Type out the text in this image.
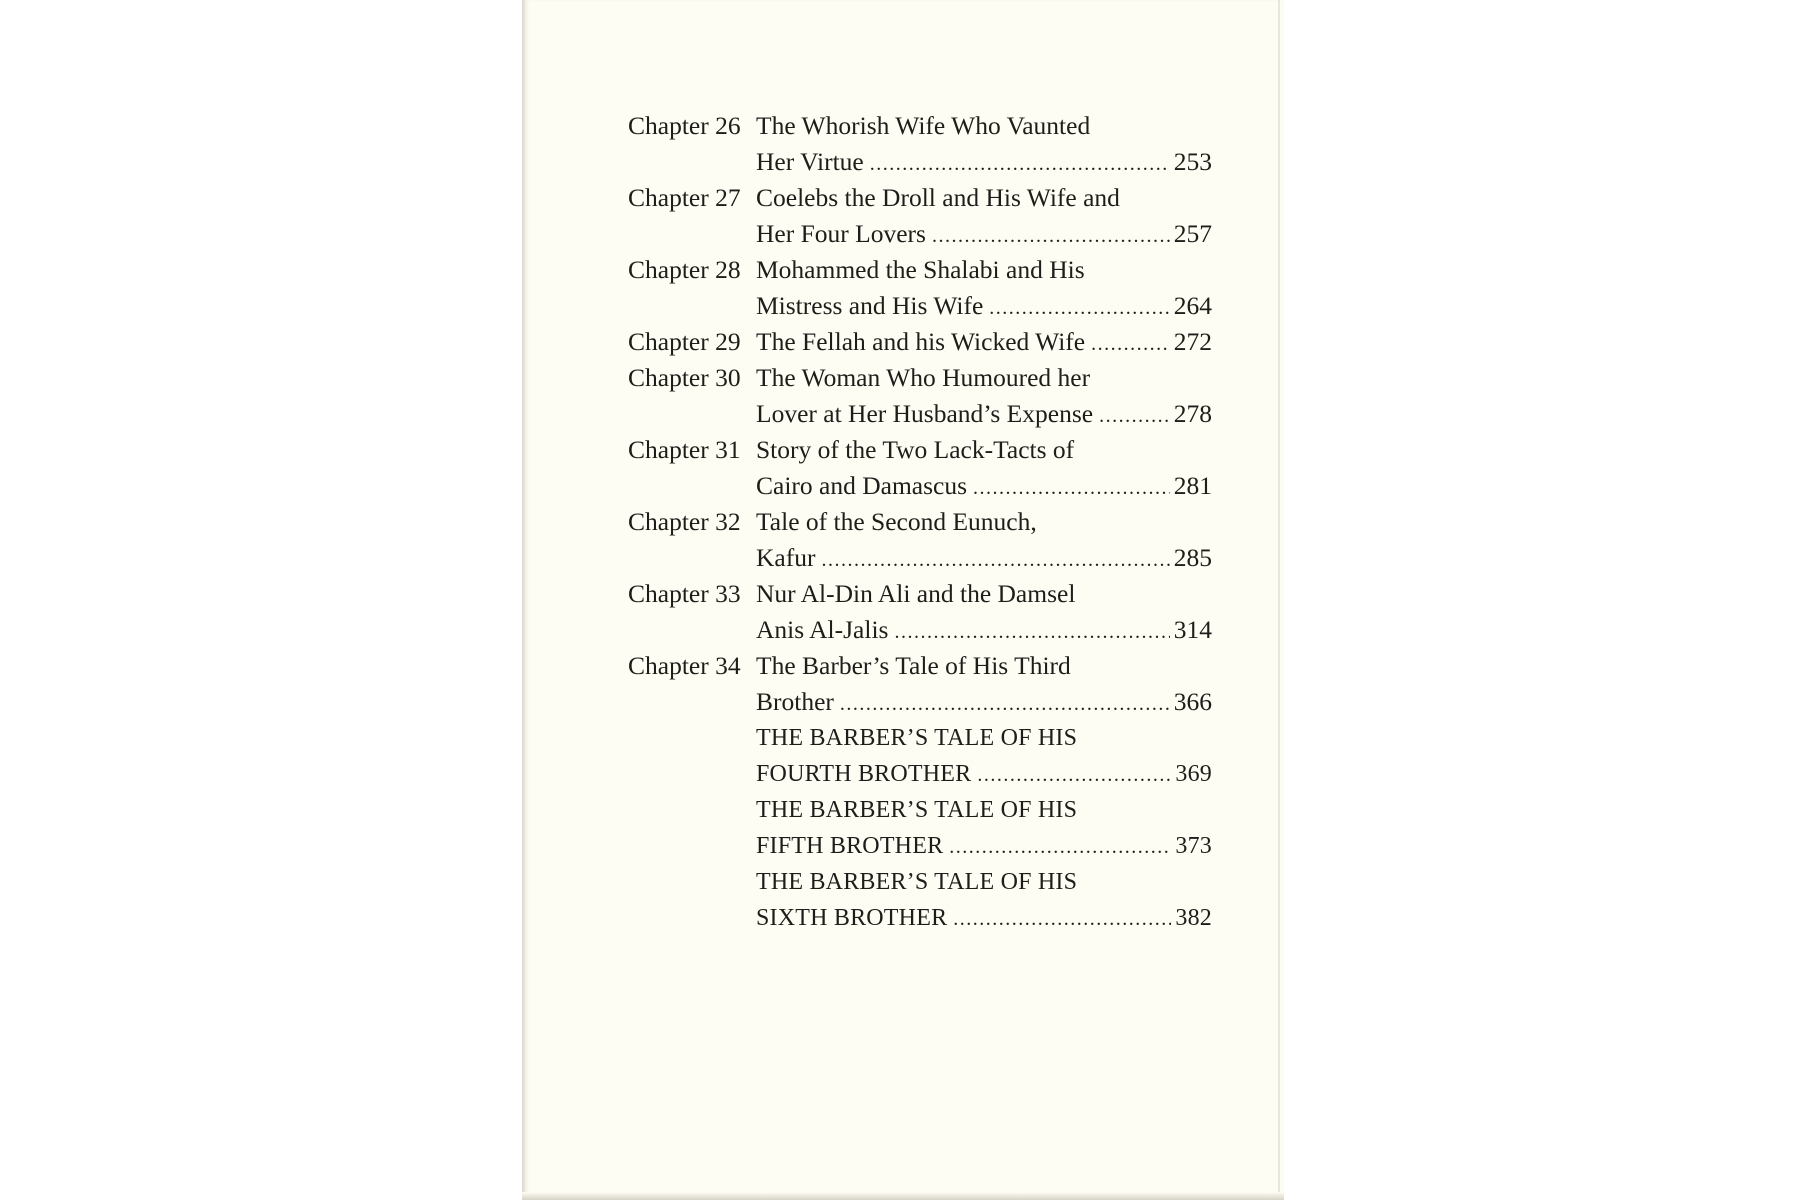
Chapter 26 The Whorish Wife Who Vaunted
Her Virtue .....	253
Chapter 27 Coelebs the Droll and His Wife and
Her Four Lovers .....	257
Chapter 28 Mohammed the Shalabi and His
Mistress and His Wife .....	264
Chapter 29 The Fellah and his Wicked Wife .....	272
Chapter 30 The Woman Who Humoured her
Lover at Her Husband’s Expense .....	278
Chapter 31 Story of the Two Lack-Tacts of
Cairo and Damascus .....	281
Chapter 32 Tale of the Second Eunuch,
Kafur .....	285
Chapter 33 Nur Al-Din Ali and the Damsel
Anis Al-Jalis .....	314
Chapter 34 The Barber’s Tale of His Third
Brother .....	366
THE BARBER’S TALE OF HIS
FOURTH BROTHER .....	369
THE BARBER’S TALE OF HIS
FIFTH BROTHER .....	373
THE BARBER’S TALE OF HIS
SIXTH BROTHER .....	382
